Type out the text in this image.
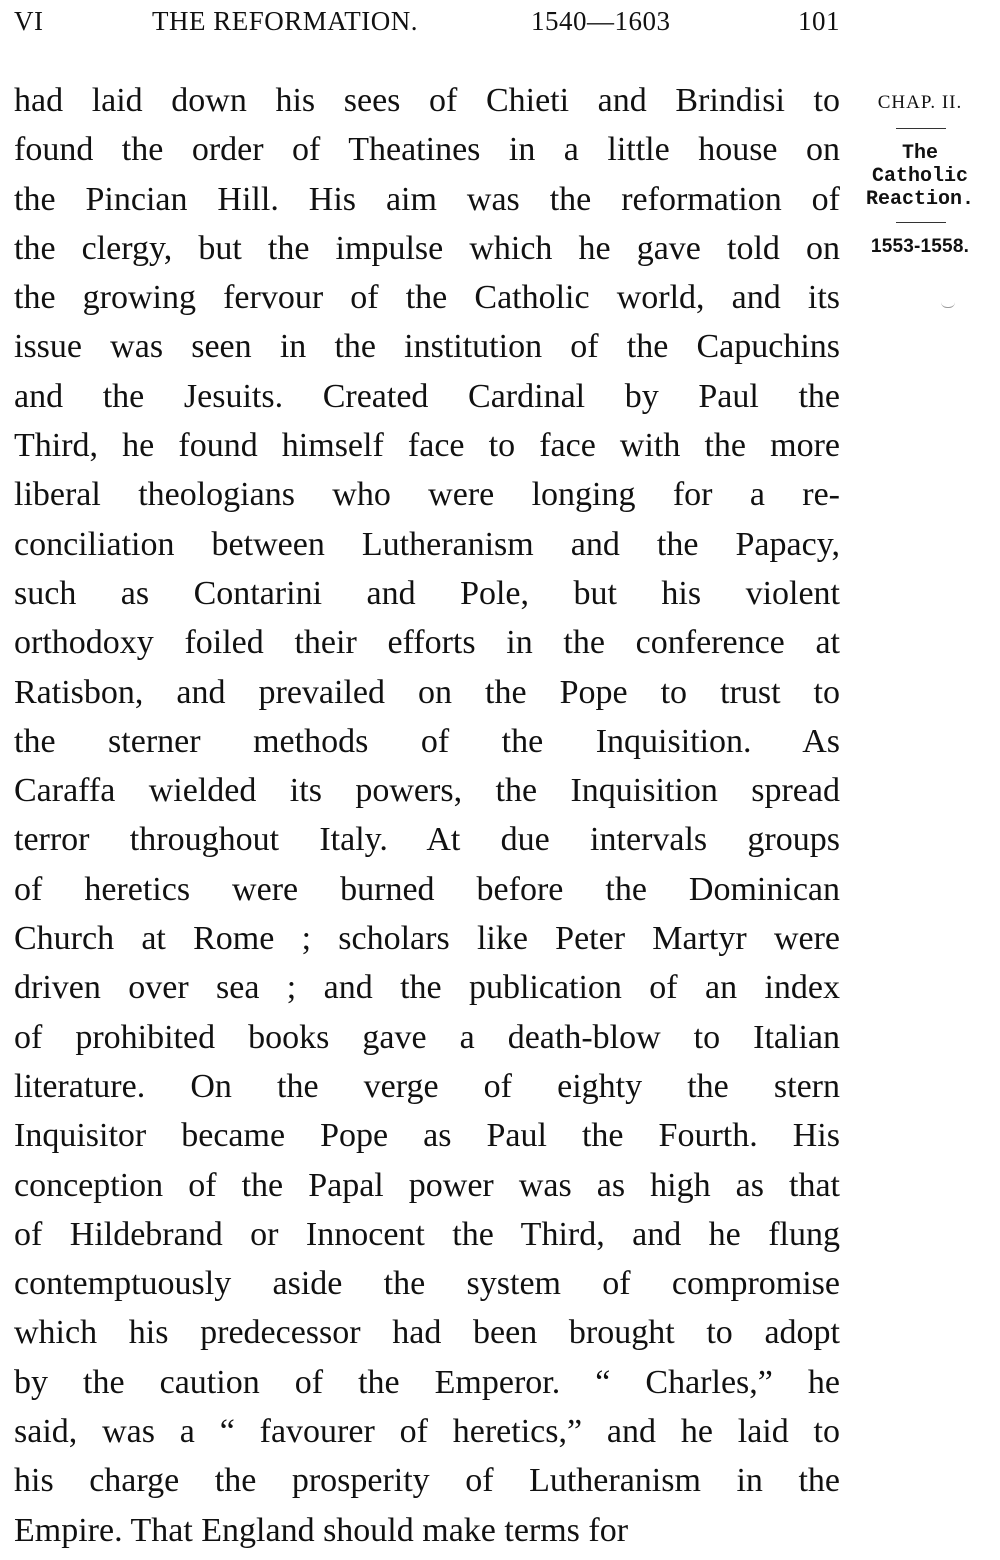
VI	THE REFORMATION.	1540—1603	101
had laid down his sees of Chieti and Brindisi to
found the order of Theatines in a little house on
the Pincian Hill. His aim was the reformation of
the clergy, but the impulse which he gave told on
the growing fervour of the Catholic world, and its
issue was seen in the institution of the Capuchins
and the Jesuits. Created Cardinal by Paul the
Third, he found himself face to face with the more
liberal theologians who were longing for a re-
conciliation between Lutheranism and the Papacy,
such as Contarini and Pole, but his violent
orthodoxy foiled their efforts in the conference at
Ratisbon, and prevailed on the Pope to trust to
the sterner methods of the Inquisition. As
Caraffa wielded its powers, the Inquisition spread
terror throughout Italy. At due intervals groups
of heretics were burned before the Dominican
Church at Rome ; scholars like Peter Martyr were
driven over sea ; and the publication of an index
of prohibited books gave a death-blow to Italian
literature. On the verge of eighty the stern
Inquisitor became Pope as Paul the Fourth. His
conception of the Papal power was as high as that
of Hildebrand or Innocent the Third, and he flung
contemptuously aside the system of compromise
which his predecessor had been brought to adopt
by the caution of the Emperor. “ Charles,” he
said, was a “ favourer of heretics,” and he laid to
his charge the prosperity of Lutheranism in the
Empire. That England should make terms for
CHAP. II.
The
Catholic
Reaction.
1553-1558.
